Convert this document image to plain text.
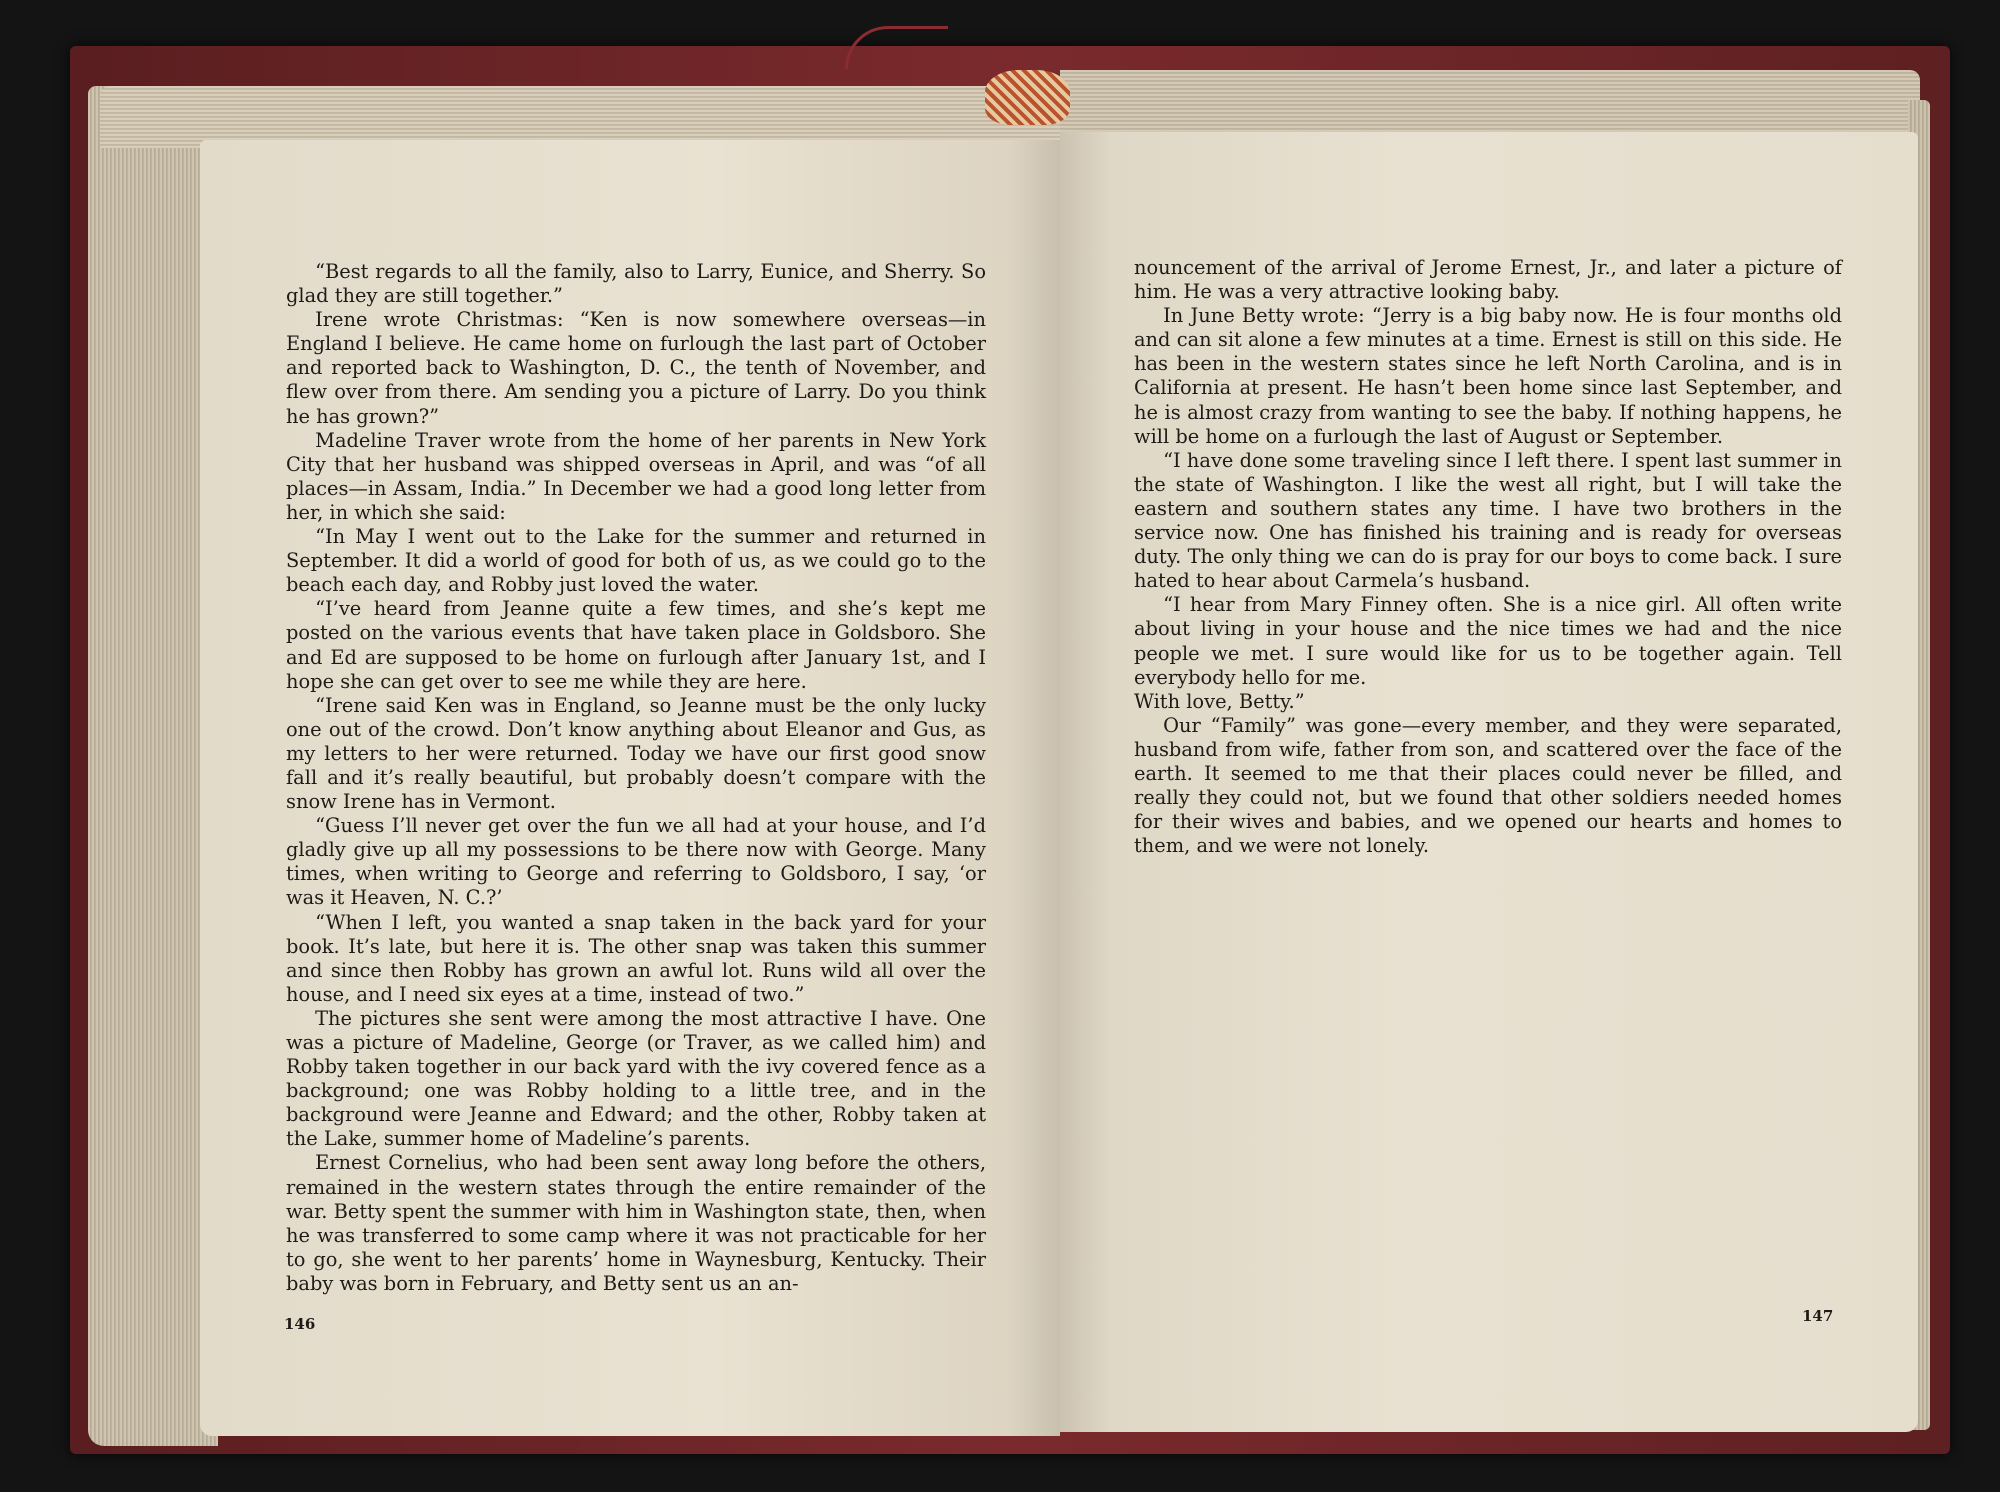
“Best regards to all the family, also to Larry, Eunice, and Sherry. So glad they are still together.”

Irene wrote Christmas: “Ken is now somewhere overseas—in England I believe. He came home on furlough the last part of October and reported back to Washington, D. C., the tenth of November, and flew over from there. Am sending you a picture of Larry. Do you think he has grown?”

Madeline Traver wrote from the home of her parents in New York City that her husband was shipped overseas in April, and was “of all places—in Assam, India.” In December we had a good long letter from her, in which she said:

“In May I went out to the Lake for the summer and returned in September. It did a world of good for both of us, as we could go to the beach each day, and Robby just loved the water.

“I’ve heard from Jeanne quite a few times, and she’s kept me posted on the various events that have taken place in Goldsboro. She and Ed are supposed to be home on furlough after January 1st, and I hope she can get over to see me while they are here.

“Irene said Ken was in England, so Jeanne must be the only lucky one out of the crowd. Don’t know anything about Eleanor and Gus, as my letters to her were returned. Today we have our first good snow fall and it’s really beautiful, but probably doesn’t compare with the snow Irene has in Vermont.

“Guess I’ll never get over the fun we all had at your house, and I’d gladly give up all my possessions to be there now with George. Many times, when writing to George and referring to Goldsboro, I say, ‘or was it Heaven, N. C.?’

“When I left, you wanted a snap taken in the back yard for your book. It’s late, but here it is. The other snap was taken this summer and since then Robby has grown an awful lot. Runs wild all over the house, and I need six eyes at a time, instead of two.”

The pictures she sent were among the most attractive I have. One was a picture of Madeline, George (or Traver, as we called him) and Robby taken together in our back yard with the ivy covered fence as a background; one was Robby holding to a little tree, and in the background were Jeanne and Edward; and the other, Robby taken at the Lake, summer home of Madeline’s parents.

Ernest Cornelius, who had been sent away long before the others, remained in the western states through the entire remainder of the war. Betty spent the summer with him in Washington state, then, when he was transferred to some camp where it was not practicable for her to go, she went to her parents’ home in Waynesburg, Kentucky. Their baby was born in February, and Betty sent us an an-

146

nouncement of the arrival of Jerome Ernest, Jr., and later a picture of him. He was a very attractive looking baby.

In June Betty wrote: “Jerry is a big baby now. He is four months old and can sit alone a few minutes at a time. Ernest is still on this side. He has been in the western states since he left North Carolina, and is in California at present. He hasn’t been home since last September, and he is almost crazy from wanting to see the baby. If nothing happens, he will be home on a furlough the last of August or September.

“I have done some traveling since I left there. I spent last summer in the state of Washington. I like the west all right, but I will take the eastern and southern states any time. I have two brothers in the service now. One has finished his training and is ready for overseas duty. The only thing we can do is pray for our boys to come back. I sure hated to hear about Carmela’s husband.

“I hear from Mary Finney often. She is a nice girl. All often write about living in your house and the nice times we had and the nice people we met. I sure would like for us to be together again. Tell everybody hello for me.

With love, Betty.”

Our “Family” was gone—every member, and they were separated, husband from wife, father from son, and scattered over the face of the earth. It seemed to me that their places could never be filled, and really they could not, but we found that other soldiers needed homes for their wives and babies, and we opened our hearts and homes to them, and we were not lonely.

147
